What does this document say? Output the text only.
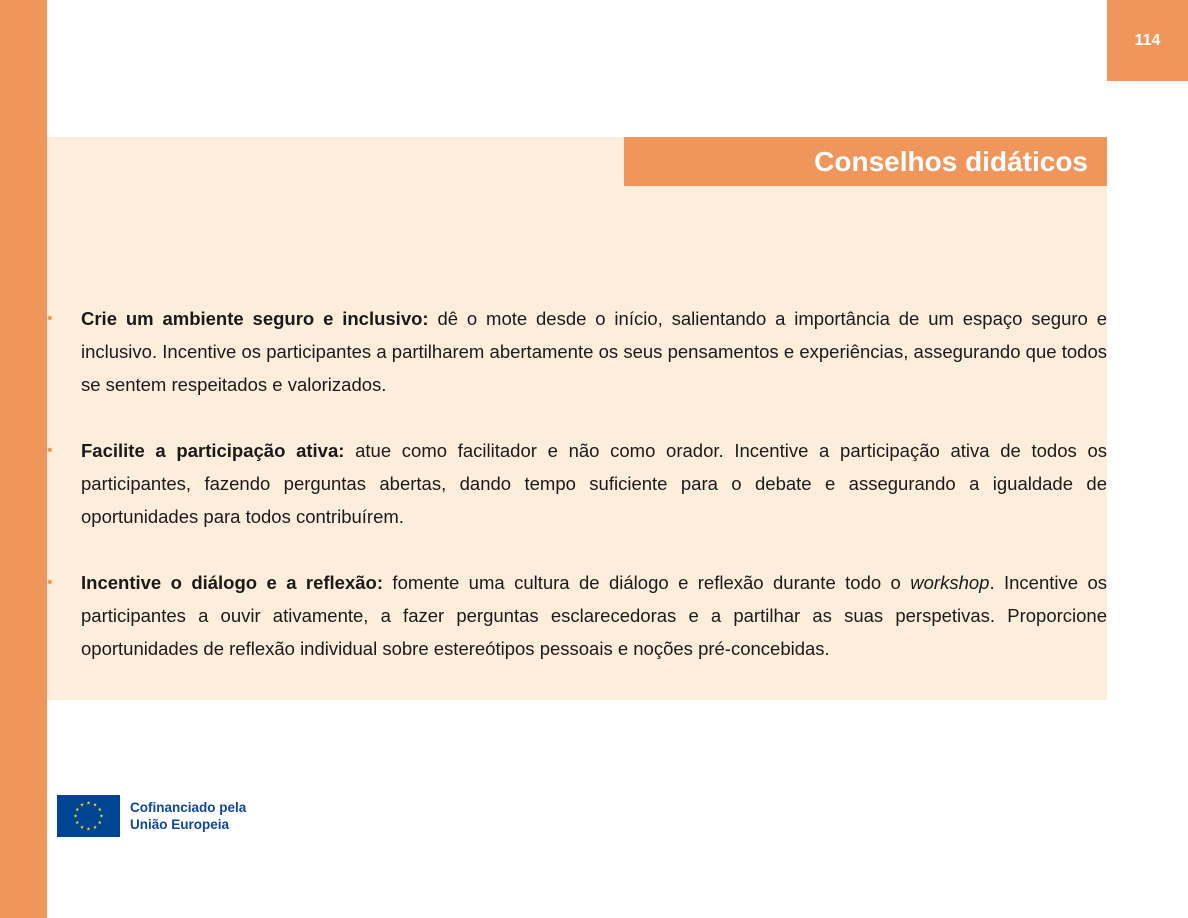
114
Conselhos didáticos
• Crie um ambiente seguro e inclusivo: dê o mote desde o início, salientando a importância de um espaço seguro e inclusivo. Incentive os participantes a partilharem abertamente os seus pensamentos e experiências, assegurando que todos se sentem respeitados e valorizados.
• Facilite a participação ativa: atue como facilitador e não como orador. Incentive a participação ativa de todos os participantes, fazendo perguntas abertas, dando tempo suficiente para o debate e assegurando a igualdade de oportunidades para todos contribuírem.
• Incentive o diálogo e a reflexão: fomente uma cultura de diálogo e reflexão durante todo o workshop. Incentive os participantes a ouvir ativamente, a fazer perguntas esclarecedoras e a partilhar as suas perspetivas. Proporcione oportunidades de reflexão individual sobre estereótipos pessoais e noções pré-concebidas.
Cofinanciado pela
União Europeia
